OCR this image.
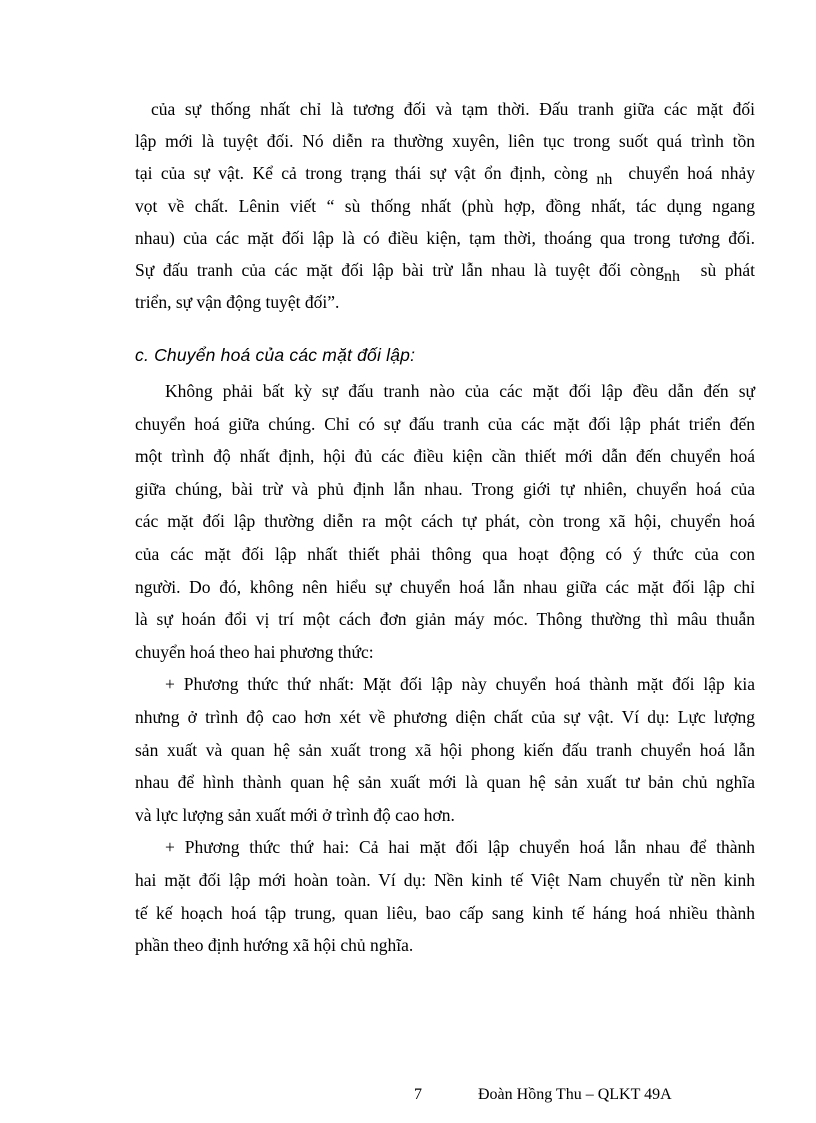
của sự thống nhất chỉ là tương đối và tạm thời. Đấu tranh giữa các mặt đối
lập mới là tuyệt đối. Nó diễn ra thường xuyên, liên tục trong suốt quá trình tồn
tại của sự vật. Kể cả trong trạng thái sự vật ổn định, còng nh chuyển hoá nhảy
vọt về chất. Lênin viết “ sù thống nhất (phù hợp, đồng nhất, tác dụng ngang
nhau) của các mặt đối lập là có điều kiện, tạm thời, thoáng qua trong tương đối.
Sự đấu tranh của các mặt đối lập bài trừ lẫn nhau là tuyệt đối còngnh sù phát
triển, sự vận động tuyệt đối”.
c. Chuyển hoá của các mặt đối lập:
Không phải bất kỳ sự đấu tranh nào của các mặt đối lập đều dẫn đến sự
chuyển hoá giữa chúng. Chỉ có sự đấu tranh của các mặt đối lập phát triển đến
một trình độ nhất định, hội đủ các điều kiện cần thiết mới dẫn đến chuyển hoá
giữa chúng, bài trừ và phủ định lẫn nhau. Trong giới tự nhiên, chuyển hoá của
các mặt đối lập thường diễn ra một cách tự phát, còn trong xã hội, chuyển hoá
của các mặt đối lập nhất thiết phải thông qua hoạt động có ý thức của con
người. Do đó, không nên hiểu sự chuyển hoá lẫn nhau giữa các mặt đối lập chỉ
là sự hoán đổi vị trí một cách đơn giản máy móc. Thông thường thì mâu thuẫn
chuyển hoá theo hai phương thức:
+ Phương thức thứ nhất: Mặt đối lập này chuyển hoá thành mặt đối lập kia
nhưng ở trình độ cao hơn xét về phương diện chất của sự vật. Ví dụ: Lực lượng
sản xuất và quan hệ sản xuất trong xã hội phong kiến đấu tranh chuyển hoá lẫn
nhau để hình thành quan hệ sản xuất mới là quan hệ sản xuất tư bản chủ nghĩa
và lực lượng sản xuất mới ở trình độ cao hơn.
+ Phương thức thứ hai: Cả hai mặt đối lập chuyển hoá lẫn nhau để thành
hai mặt đối lập mới hoàn toàn. Ví dụ: Nền kinh tế Việt Nam chuyển từ nền kinh
tế kế hoạch hoá tập trung, quan liêu, bao cấp sang kinh tế háng hoá nhiều thành
phần theo định hướng xã hội chủ nghĩa.
7	Đoàn Hồng Thu – QLKT 49A
